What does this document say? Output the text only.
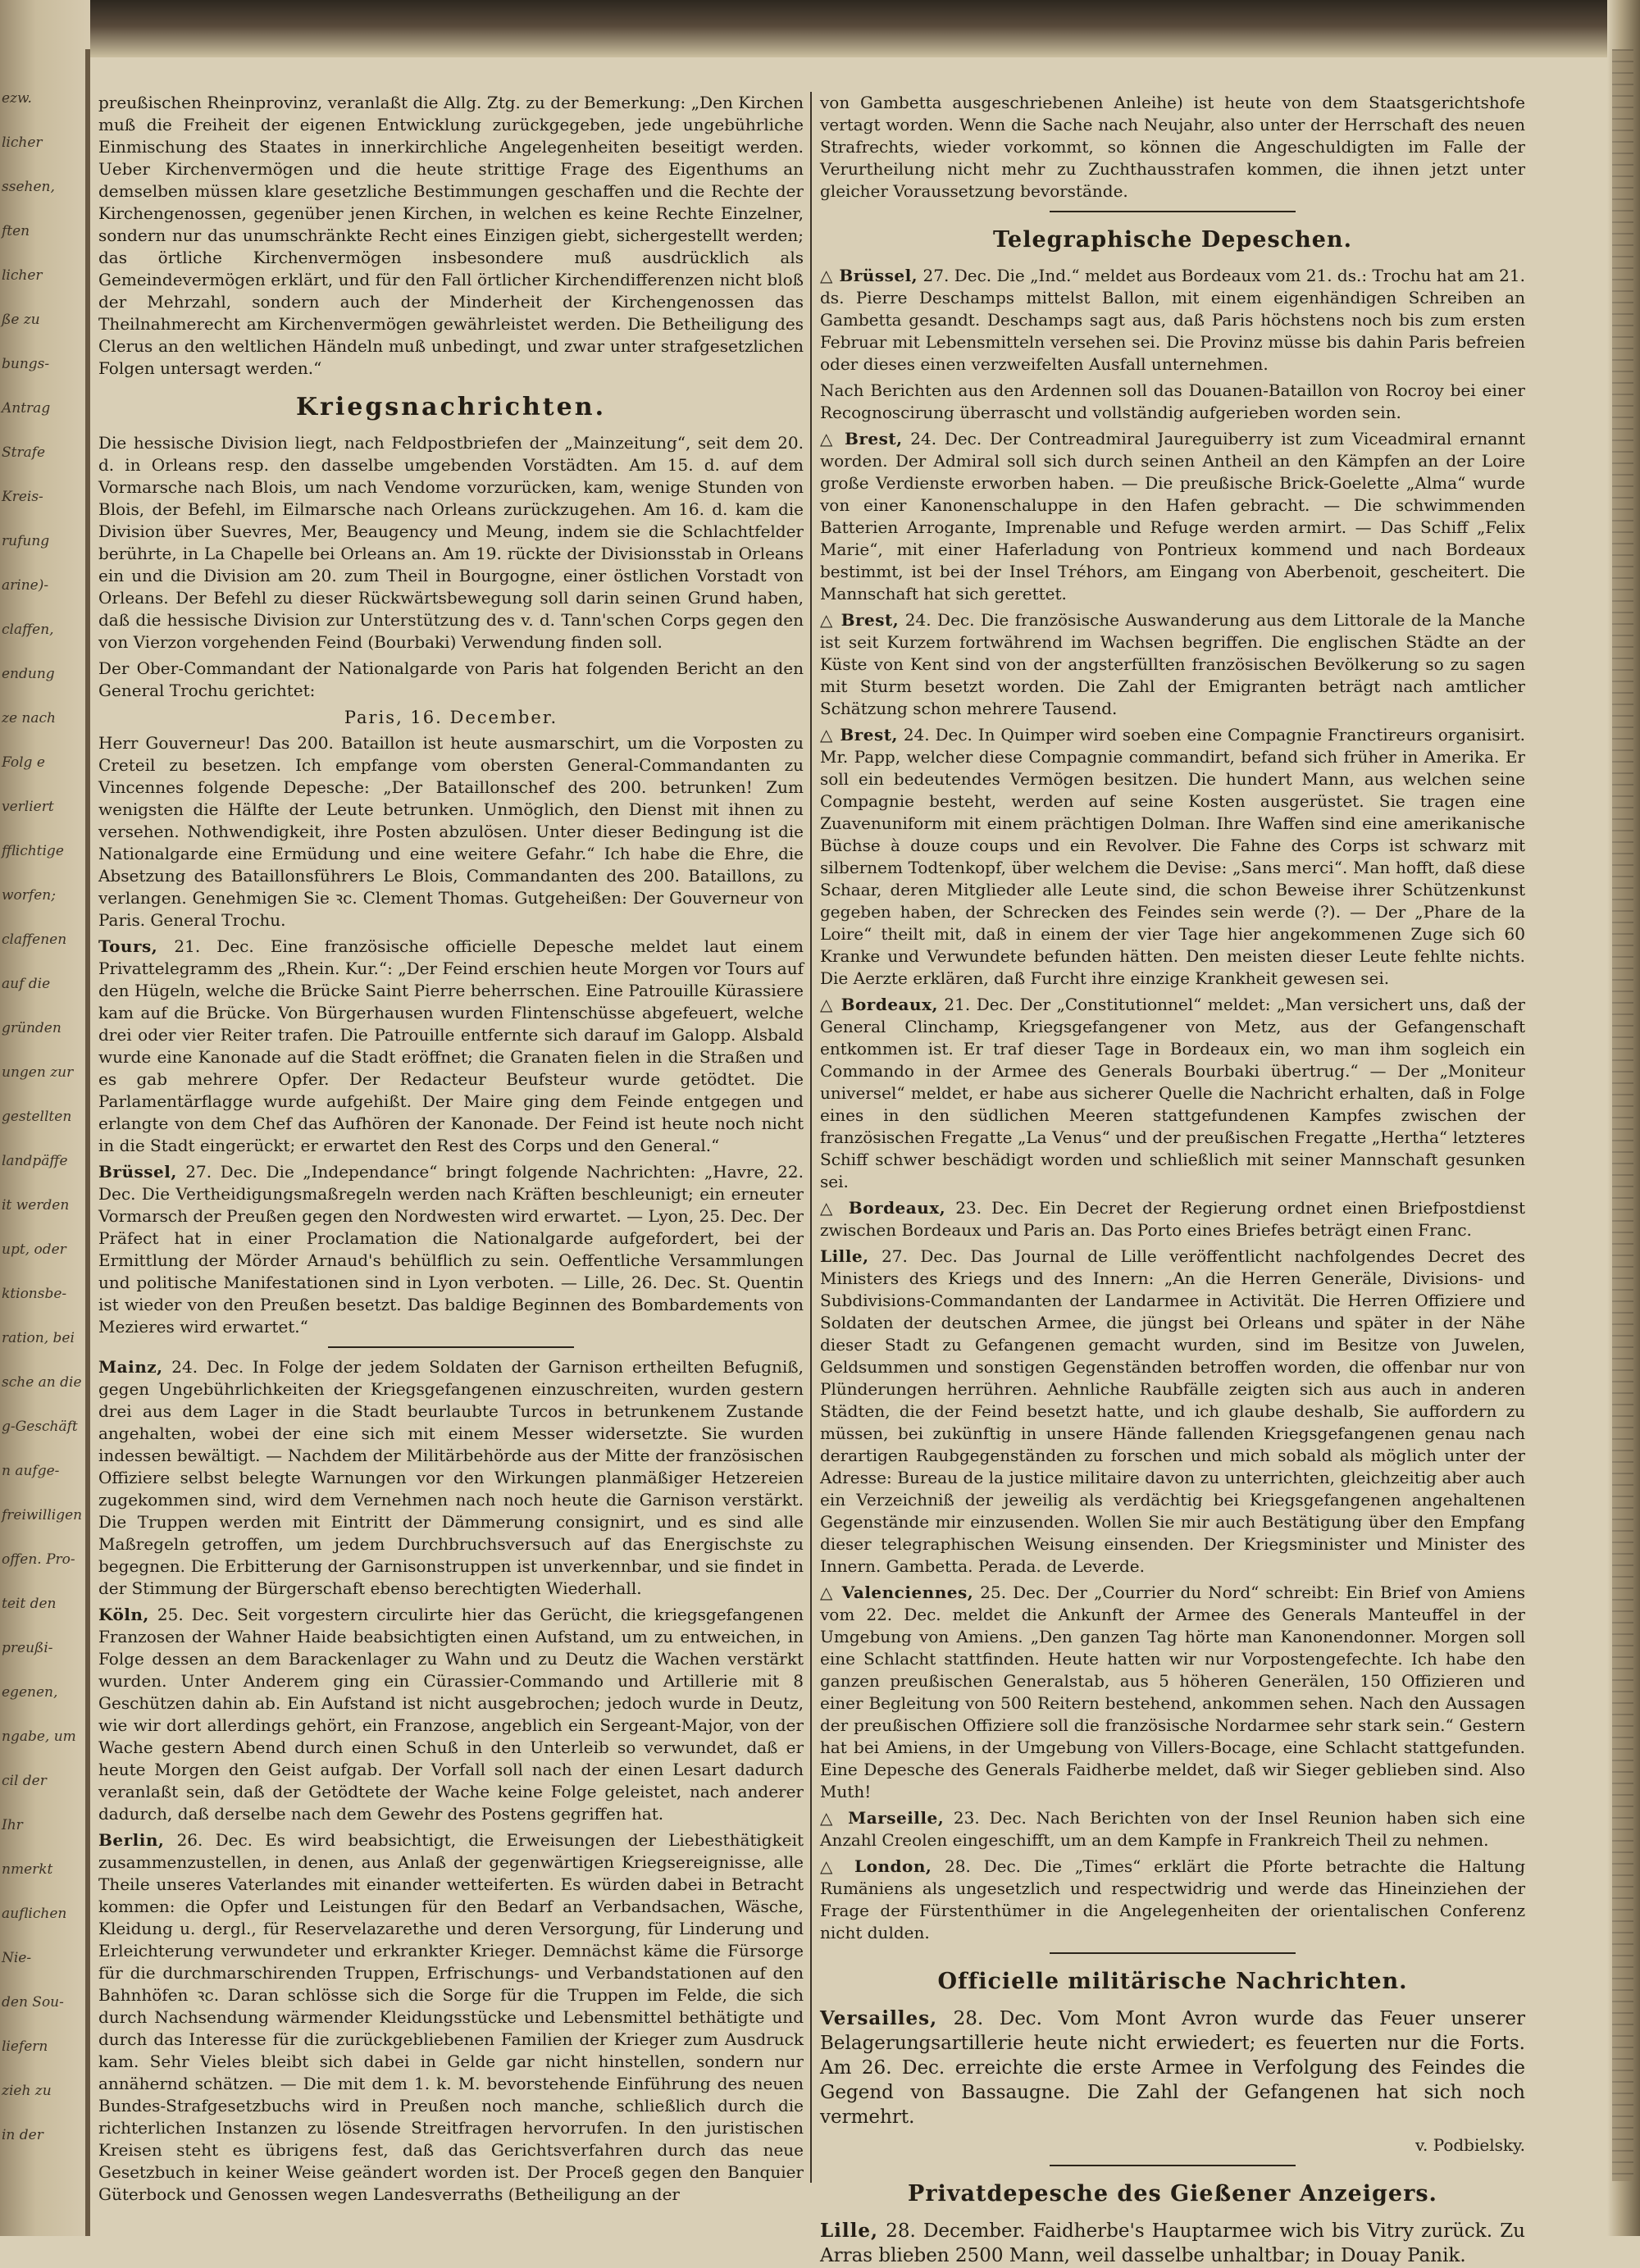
ezw.
licher
ssehen,
ften
licher
ße zu
bungs-
Antrag
Strafe
Kreis-
rufung
arine)-
claffen,
endung
ze nach
Folg e
verliert
fflichtige
worfen;
claffenen
auf die
gründen
ungen zur
gestellten
landpäffe
it werden
upt, oder
ktionsbe-
ration, bei
sche an die
g-Geschäft
n aufge-
freiwilligen
offen. Pro-
teit den
preußi-
egenen,
ngabe, um
cil der
Ihr
nmerkt
auflichen
Nie-
den Sou-
liefern
zieh zu
in der

preußischen Rheinprovinz, veranlaßt die Allg. Ztg. zu der Bemerkung: „Den Kirchen muß die Freiheit der eigenen Entwicklung zurückgegeben, jede ungebührliche Einmischung des Staates in innerkirchliche Angelegenheiten beseitigt werden. Ueber Kirchenvermögen und die heute strittige Frage des Eigenthums an demselben müssen klare gesetzliche Bestimmungen geschaffen und die Rechte der Kirchengenossen, gegenüber jenen Kirchen, in welchen es keine Rechte Einzelner, sondern nur das unumschränkte Recht eines Einzigen giebt, sichergestellt werden; das örtliche Kirchenvermögen insbesondere muß ausdrücklich als Gemeindevermögen erklärt, und für den Fall örtlicher Kirchendifferenzen nicht bloß der Mehrzahl, sondern auch der Minderheit der Kirchengenossen das Theilnahmerecht am Kirchenvermögen gewährleistet werden. Die Betheiligung des Clerus an den weltlichen Händeln muß unbedingt, und zwar unter strafgesetzlichen Folgen untersagt werden.“

Kriegsnachrichten.

Die hessische Division liegt, nach Feldpostbriefen der „Mainzeitung“, seit dem 20. d. in Orleans resp. den dasselbe umgebenden Vorstädten. Am 15. d. auf dem Vormarsche nach Blois, um nach Vendome vorzurücken, kam, wenige Stunden von Blois, der Befehl, im Eilmarsche nach Orleans zurückzugehen. Am 16. d. kam die Division über Suevres, Mer, Beaugency und Meung, indem sie die Schlachtfelder berührte, in La Chapelle bei Orleans an. Am 19. rückte der Divisionsstab in Orleans ein und die Division am 20. zum Theil in Bourgogne, einer östlichen Vorstadt von Orleans. Der Befehl zu dieser Rückwärtsbewegung soll darin seinen Grund haben, daß die hessische Division zur Unterstützung des v. d. Tann'schen Corps gegen den von Vierzon vorgehenden Feind (Bourbaki) Verwendung finden soll.

Der Ober-Commandant der Nationalgarde von Paris hat folgenden Bericht an den General Trochu gerichtet:

Paris, 16. December.

Herr Gouverneur! Das 200. Bataillon ist heute ausmarschirt, um die Vorposten zu Creteil zu besetzen. Ich empfange vom obersten General-Commandanten zu Vincennes folgende Depesche: „Der Bataillonschef des 200. betrunken! Zum wenigsten die Hälfte der Leute betrunken. Unmöglich, den Dienst mit ihnen zu versehen. Nothwendigkeit, ihre Posten abzulösen. Unter dieser Bedingung ist die Nationalgarde eine Ermüdung und eine weitere Gefahr.“ Ich habe die Ehre, die Absetzung des Bataillonsführers Le Blois, Commandanten des 200. Bataillons, zu verlangen. Genehmigen Sie ꝛc. Clement Thomas. Gutgeheißen: Der Gouverneur von Paris. General Trochu.

Tours, 21. Dec. Eine französische officielle Depesche meldet laut einem Privattelegramm des „Rhein. Kur.“: „Der Feind erschien heute Morgen vor Tours auf den Hügeln, welche die Brücke Saint Pierre beherrschen. Eine Patrouille Kürassiere kam auf die Brücke. Von Bürgerhausen wurden Flintenschüsse abgefeuert, welche drei oder vier Reiter trafen. Die Patrouille entfernte sich darauf im Galopp. Alsbald wurde eine Kanonade auf die Stadt eröffnet; die Granaten fielen in die Straßen und es gab mehrere Opfer. Der Redacteur Beufsteur wurde getödtet. Die Parlamentärflagge wurde aufgehißt. Der Maire ging dem Feinde entgegen und erlangte von dem Chef das Aufhören der Kanonade. Der Feind ist heute noch nicht in die Stadt eingerückt; er erwartet den Rest des Corps und den General.“

Brüssel, 27. Dec. Die „Independance“ bringt folgende Nachrichten: „Havre, 22. Dec. Die Vertheidigungsmaßregeln werden nach Kräften beschleunigt; ein erneuter Vormarsch der Preußen gegen den Nordwesten wird erwartet. — Lyon, 25. Dec. Der Präfect hat in einer Proclamation die Nationalgarde aufgefordert, bei der Ermittlung der Mörder Arnaud's behülflich zu sein. Oeffentliche Versammlungen und politische Manifestationen sind in Lyon verboten. — Lille, 26. Dec. St. Quentin ist wieder von den Preußen besetzt. Das baldige Beginnen des Bombardements von Mezieres wird erwartet.“

Mainz, 24. Dec. In Folge der jedem Soldaten der Garnison ertheilten Befugniß, gegen Ungebührlichkeiten der Kriegsgefangenen einzuschreiten, wurden gestern drei aus dem Lager in die Stadt beurlaubte Turcos in betrunkenem Zustande angehalten, wobei der eine sich mit einem Messer widersetzte. Sie wurden indessen bewältigt. — Nachdem der Militärbehörde aus der Mitte der französischen Offiziere selbst belegte Warnungen vor den Wirkungen planmäßiger Hetzereien zugekommen sind, wird dem Vernehmen nach noch heute die Garnison verstärkt. Die Truppen werden mit Eintritt der Dämmerung consignirt, und es sind alle Maßregeln getroffen, um jedem Durchbruchsversuch auf das Energischste zu begegnen. Die Erbitterung der Garnisonstruppen ist unverkennbar, und sie findet in der Stimmung der Bürgerschaft ebenso berechtigten Wiederhall.

Köln, 25. Dec. Seit vorgestern circulirte hier das Gerücht, die kriegsgefangenen Franzosen der Wahner Haide beabsichtigten einen Aufstand, um zu entweichen, in Folge dessen an dem Barackenlager zu Wahn und zu Deutz die Wachen verstärkt wurden. Unter Anderem ging ein Cürassier-Commando und Artillerie mit 8 Geschützen dahin ab. Ein Aufstand ist nicht ausgebrochen; jedoch wurde in Deutz, wie wir dort allerdings gehört, ein Franzose, angeblich ein Sergeant-Major, von der Wache gestern Abend durch einen Schuß in den Unterleib so verwundet, daß er heute Morgen den Geist aufgab. Der Vorfall soll nach der einen Lesart dadurch veranlaßt sein, daß der Getödtete der Wache keine Folge geleistet, nach anderer dadurch, daß derselbe nach dem Gewehr des Postens gegriffen hat.

Berlin, 26. Dec. Es wird beabsichtigt, die Erweisungen der Liebesthätigkeit zusammenzustellen, in denen, aus Anlaß der gegenwärtigen Kriegsereignisse, alle Theile unseres Vaterlandes mit einander wetteiferten. Es würden dabei in Betracht kommen: die Opfer und Leistungen für den Bedarf an Verbandsachen, Wäsche, Kleidung u. dergl., für Reservelazarethe und deren Versorgung, für Linderung und Erleichterung verwundeter und erkrankter Krieger. Demnächst käme die Fürsorge für die durchmarschirenden Truppen, Erfrischungs- und Verbandstationen auf den Bahnhöfen ꝛc. Daran schlösse sich die Sorge für die Truppen im Felde, die sich durch Nachsendung wärmender Kleidungsstücke und Lebensmittel bethätigte und durch das Interesse für die zurückgebliebenen Familien der Krieger zum Ausdruck kam. Sehr Vieles bleibt sich dabei in Gelde gar nicht hinstellen, sondern nur annähernd schätzen. — Die mit dem 1. k. M. bevorstehende Einführung des neuen Bundes-Strafgesetzbuchs wird in Preußen noch manche, schließlich durch die richterlichen Instanzen zu lösende Streitfragen hervorrufen. In den juristischen Kreisen steht es übrigens fest, daß das Gerichtsverfahren durch das neue Gesetzbuch in keiner Weise geändert worden ist. Der Proceß gegen den Banquier Güterbock und Genossen wegen Landesverraths (Betheiligung an der

von Gambetta ausgeschriebenen Anleihe) ist heute von dem Staatsgerichtshofe vertagt worden. Wenn die Sache nach Neujahr, also unter der Herrschaft des neuen Strafrechts, wieder vorkommt, so können die Angeschuldigten im Falle der Verurtheilung nicht mehr zu Zuchthausstrafen kommen, die ihnen jetzt unter gleicher Voraussetzung bevorstände.

Telegraphische Depeschen.

△ Brüssel, 27. Dec. Die „Ind.“ meldet aus Bordeaux vom 21. ds.: Trochu hat am 21. ds. Pierre Deschamps mittelst Ballon, mit einem eigenhändigen Schreiben an Gambetta gesandt. Deschamps sagt aus, daß Paris höchstens noch bis zum ersten Februar mit Lebensmitteln versehen sei. Die Provinz müsse bis dahin Paris befreien oder dieses einen verzweifelten Ausfall unternehmen.

Nach Berichten aus den Ardennen soll das Douanen-Bataillon von Rocroy bei einer Recognoscirung überrascht und vollständig aufgerieben worden sein.

△ Brest, 24. Dec. Der Contreadmiral Jaureguiberry ist zum Viceadmiral ernannt worden. Der Admiral soll sich durch seinen Antheil an den Kämpfen an der Loire große Verdienste erworben haben. — Die preußische Brick-Goelette „Alma“ wurde von einer Kanonenschaluppe in den Hafen gebracht. — Die schwimmenden Batterien Arrogante, Imprenable und Refuge werden armirt. — Das Schiff „Felix Marie“, mit einer Haferladung von Pontrieux kommend und nach Bordeaux bestimmt, ist bei der Insel Tréhors, am Eingang von Aberbenoit, gescheitert. Die Mannschaft hat sich gerettet.

△ Brest, 24. Dec. Die französische Auswanderung aus dem Littorale de la Manche ist seit Kurzem fortwährend im Wachsen begriffen. Die englischen Städte an der Küste von Kent sind von der angsterfüllten französischen Bevölkerung so zu sagen mit Sturm besetzt worden. Die Zahl der Emigranten beträgt nach amtlicher Schätzung schon mehrere Tausend.

△ Brest, 24. Dec. In Quimper wird soeben eine Compagnie Franctireurs organisirt. Mr. Papp, welcher diese Compagnie commandirt, befand sich früher in Amerika. Er soll ein bedeutendes Vermögen besitzen. Die hundert Mann, aus welchen seine Compagnie besteht, werden auf seine Kosten ausgerüstet. Sie tragen eine Zuavenuniform mit einem prächtigen Dolman. Ihre Waffen sind eine amerikanische Büchse à douze coups und ein Revolver. Die Fahne des Corps ist schwarz mit silbernem Todtenkopf, über welchem die Devise: „Sans merci“. Man hofft, daß diese Schaar, deren Mitglieder alle Leute sind, die schon Beweise ihrer Schützenkunst gegeben haben, der Schrecken des Feindes sein werde (?). — Der „Phare de la Loire“ theilt mit, daß in einem der vier Tage hier angekommenen Zuge sich 60 Kranke und Verwundete befunden hätten. Den meisten dieser Leute fehlte nichts. Die Aerzte erklären, daß Furcht ihre einzige Krankheit gewesen sei.

△ Bordeaux, 21. Dec. Der „Constitutionnel“ meldet: „Man versichert uns, daß der General Clinchamp, Kriegsgefangener von Metz, aus der Gefangenschaft entkommen ist. Er traf dieser Tage in Bordeaux ein, wo man ihm sogleich ein Commando in der Armee des Generals Bourbaki übertrug.“ — Der „Moniteur universel“ meldet, er habe aus sicherer Quelle die Nachricht erhalten, daß in Folge eines in den südlichen Meeren stattgefundenen Kampfes zwischen der französischen Fregatte „La Venus“ und der preußischen Fregatte „Hertha“ letzteres Schiff schwer beschädigt worden und schließlich mit seiner Mannschaft gesunken sei.

△ Bordeaux, 23. Dec. Ein Decret der Regierung ordnet einen Briefpostdienst zwischen Bordeaux und Paris an. Das Porto eines Briefes beträgt einen Franc.

Lille, 27. Dec. Das Journal de Lille veröffentlicht nachfolgendes Decret des Ministers des Kriegs und des Innern: „An die Herren Generäle, Divisions- und Subdivisions-Commandanten der Landarmee in Activität. Die Herren Offiziere und Soldaten der deutschen Armee, die jüngst bei Orleans und später in der Nähe dieser Stadt zu Gefangenen gemacht wurden, sind im Besitze von Juwelen, Geldsummen und sonstigen Gegenständen betroffen worden, die offenbar nur von Plünderungen herrühren. Aehnliche Raubfälle zeigten sich aus auch in anderen Städten, die der Feind besetzt hatte, und ich glaube deshalb, Sie auffordern zu müssen, bei zukünftig in unsere Hände fallenden Kriegsgefangenen genau nach derartigen Raubgegenständen zu forschen und mich sobald als möglich unter der Adresse: Bureau de la justice militaire davon zu unterrichten, gleichzeitig aber auch ein Verzeichniß der jeweilig als verdächtig bei Kriegsgefangenen angehaltenen Gegenstände mir einzusenden. Wollen Sie mir auch Bestätigung über den Empfang dieser telegraphischen Weisung einsenden. Der Kriegsminister und Minister des Innern. Gambetta. Perada. de Leverde.

△ Valenciennes, 25. Dec. Der „Courrier du Nord“ schreibt: Ein Brief von Amiens vom 22. Dec. meldet die Ankunft der Armee des Generals Manteuffel in der Umgebung von Amiens. „Den ganzen Tag hörte man Kanonendonner. Morgen soll eine Schlacht stattfinden. Heute hatten wir nur Vorpostengefechte. Ich habe den ganzen preußischen Generalstab, aus 5 höheren Generälen, 150 Offizieren und einer Begleitung von 500 Reitern bestehend, ankommen sehen. Nach den Aussagen der preußischen Offiziere soll die französische Nordarmee sehr stark sein.“ Gestern hat bei Amiens, in der Umgebung von Villers-Bocage, eine Schlacht stattgefunden. Eine Depesche des Generals Faidherbe meldet, daß wir Sieger geblieben sind. Also Muth!

△ Marseille, 23. Dec. Nach Berichten von der Insel Reunion haben sich eine Anzahl Creolen eingeschifft, um an dem Kampfe in Frankreich Theil zu nehmen.

△ London, 28. Dec. Die „Times“ erklärt die Pforte betrachte die Haltung Rumäniens als ungesetzlich und respectwidrig und werde das Hineinziehen der Frage der Fürstenthümer in die Angelegenheiten der orientalischen Conferenz nicht dulden.

Officielle militärische Nachrichten.

Versailles, 28. Dec. Vom Mont Avron wurde das Feuer unserer Belagerungsartillerie heute nicht erwiedert; es feuerten nur die Forts. Am 26. Dec. erreichte die erste Armee in Verfolgung des Feindes die Gegend von Bassaugne. Die Zahl der Gefangenen hat sich noch vermehrt.

v. Podbielsky.
Privatdepesche des Gießener Anzeigers.

Lille, 28. December. Faidherbe's Hauptarmee wich bis Vitry zurück. Zu Arras blieben 2500 Mann, weil dasselbe unhaltbar; in Douay Panik.
